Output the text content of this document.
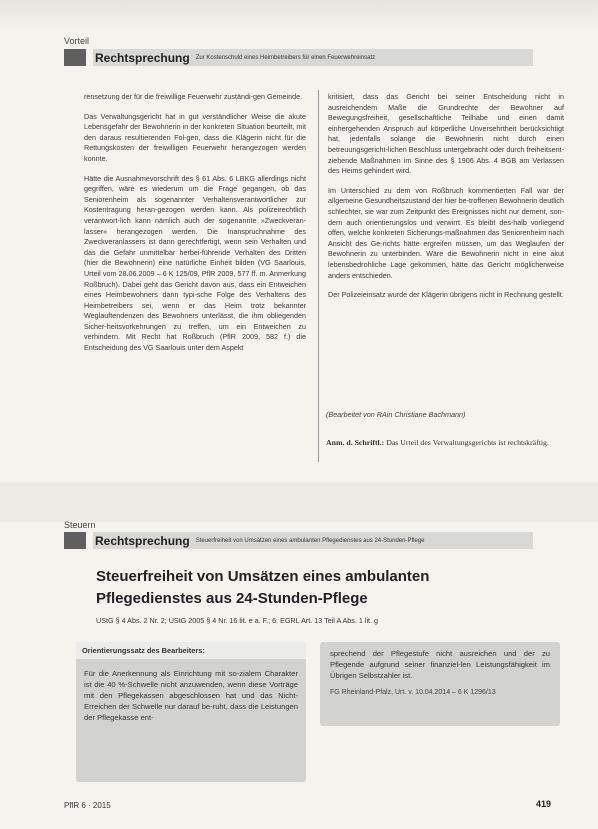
Vorteil
Rechtsprechung Zur Kostenschuld eines Heimbetreibers für einen Feuerwehreinsatz

rensetzung der für die freiwillige Feuerwehr zuständi-gen Gemeinde.

Das Verwaltungsgericht hat in gut verständlicher Weise die akute Lebensgefahr der Bewohnerin in der konkreten Situation beurteilt, mit den daraus resultierenden Fol-gen, dass die Klägerin nicht für die Rettungskosten der freiwilligen Feuerwehr herangezogen werden konnte.

Hätte die Ausnahmevorschrift des § 61 Abs. 6 LBKG allerdings nicht gegriffen, wäre es wiederum um die Frage gegangen, ob das Seniorenheim als sogenannter Verhaltensverantwortlicher zur Kostentragung heran-gezogen werden kann. Als polizeirechtlich verantwort-lich kann nämlich auch der sogenannte »Zweckveran-lasser« herangezogen werden. Die Inanspruchnahme des Zweckveranlassers ist dann gerechtfertigt, wenn sein Verhalten und das die Gefahr unmittelbar herbei-führende Verhalten des Dritten (hier die Bewohnerin) eine natürliche Einheit bilden (VG Saarlouis, Urteil vom 28.06.2009 – 6 K 125/09, PflR 2009, 577 ff. m. Anmerkung Roßbruch). Dabei geht das Gericht davon aus, dass ein Entweichen eines Heimbewohners dann typi-sche Folge des Verhaltens des Heimbetreibers sei, wenn er das Heim trotz bekannter Weglauftendenzen des Bewohners unterlässt, die ihm obliegenden Sicher-heitsvorkehrungen zu treffen, um ein Entweichen zu verhindern. Mit Recht hat Roßbruch (PflR 2009, 582 f.) die Entscheidung des VG Saarlouis unter dem Aspekt

kritisiert, dass das Gericht bei seiner Entscheidung nicht in ausreichendem Maße die Grundrechte der Bewohner auf Bewegungsfreiheit, gesellschaftliche Teilhabe und einen damit einhergehenden Anspruch auf körperliche Unversehrtheit berücksichtigt hat, jedenfalls solange die Bewohnerin nicht durch einen betreuungsgericht-lichen Beschluss untergebracht oder durch freiheitsent-ziehende Maßnahmen im Sinne des § 1906 Abs. 4 BGB am Verlassen des Heims gehindert wird.

Im Unterschied zu dem von Roßbruch kommentierten Fall war der allgemeine Gesundheitszustand der hier be-troffenen Bewohnerin deutlich schlechter, sie war zum Zeitpunkt des Ereignisses nicht nur dement, son-dern auch orientierungslos und verwirrt. Es bleibt des-halb vorliegend offen, welche konkreten Sicherungs-maßnahmen das Seniorenheim nach Ansicht des Ge-richts hätte ergreifen müssen, um das Weglaufen der Bewohnerin zu unterbinden. Wäre die Bewohnerin nicht in eine akut lebensbedrohliche Lage gekommen, hätte das Gericht möglicherweise anders entschieden.

Der Polizeieinsatz wurde der Klägerin übrigens nicht in Rechnung gestellt.

(Bearbeitet von RAin Christiane Bachmann)
Anm. d. Schriftl.: Das Urteil des Verwaltungsgerichts ist rechtskräftig.
Steuern
Rechtsprechung Steuerfreiheit von Umsätzen eines ambulanten Pflegedienstes aus 24-Stunden-Pflege
Steuerfreiheit von Umsätzen eines ambulanten Pflegedienstes aus 24-Stunden-Pflege
UStG § 4 Abs. 2 Nr. 2; UStG 2005 § 4 Nr. 16 lit. e a. F.; 6. EGRL Art. 13 Teil A Abs. 1 lit. g
Orientierungssatz des Bearbeiters:
Für die Anerkennung als Einrichtung mit so-zialem Charakter ist die 40 %-Schwelle nicht anzuwenden, wenn diese Vorträge mit den Pflegekassen abgeschlossen hat und das Nicht-Erreichen der Schwelle nur darauf be-ruht, dass die Leistungen der Pflegekasse ent-
sprechend der Pflegestufe nicht ausreichen und der zu Pflegende aufgrund seiner finanziel-len Leistungsfähigkeit im Übrigen Selbstzahler ist.
FG Rheinland-Pfalz, Urt. v. 10.04.2014 – 6 K 1296/13
PflR 6 · 2015	419
